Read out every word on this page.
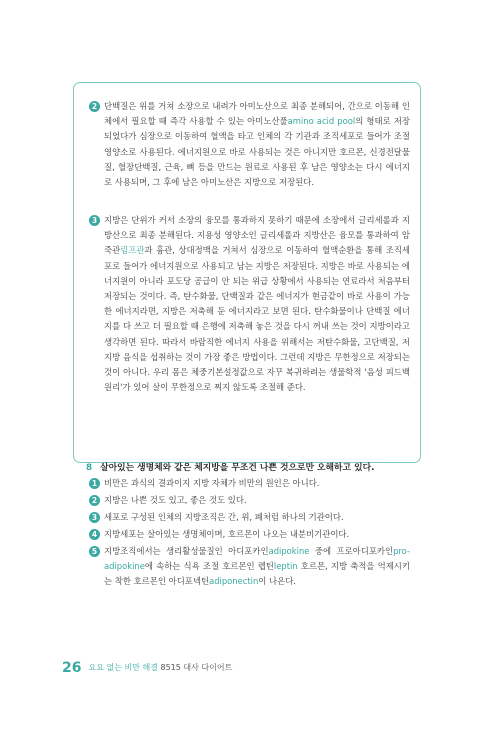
2 단백질은 위를 거쳐 소장으로 내려가 아미노산으로 최종 분해되어, 간으로 이동해 인체에서 필요할 때 즉각 사용할 수 있는 아미노산풀amino acid pool의 형태로 저장되었다가 심장으로 이동하여 혈액을 타고 인체의 각 기관과 조직세포로 들어가 조절 영양소로 사용된다. 에너지원으로 바로 사용되는 것은 아니지만 호르몬, 신경전달물질, 혈장단백질, 근육, 뼈 등을 만드는 원료로 사용된 후 남은 영양소는 다시 에너지로 사용되며, 그 후에 남은 아미노산은 지방으로 저장된다.

3 지방은 단위가 커서 소장의 융모를 통과하지 못하기 때문에 소장에서 글리세롤과 지방산으로 최종 분해된다. 지용성 영양소인 글리세롤과 지방산은 융모를 통과하여 암죽관림프관과 흉관, 상대정맥을 거쳐서 심장으로 이동하여 혈액순환을 통해 조직세포로 들어가 에너지원으로 사용되고 남는 지방은 저장된다. 지방은 바로 사용되는 에너지원이 아니라 포도당 공급이 안 되는 위급 상황에서 사용되는 연료라서 처음부터 저장되는 것이다. 즉, 탄수화물, 단백질과 같은 에너지가 현금같이 바로 사용이 가능한 에너지라면, 지방은 저축해 둔 에너지라고 보면 된다. 탄수화물이나 단백질 에너지를 다 쓰고 더 필요할 때 은행에 저축해 놓은 것을 다시 꺼내 쓰는 것이 지방이라고 생각하면 된다. 따라서 바람직한 에너지 사용을 위해서는 저탄수화물, 고단백질, 저지방 음식을 섭취하는 것이 가장 좋은 방법이다. 그런데 지방은 무한정으로 저장되는 것이 아니다. 우리 몸은 체중기본설정값으로 자꾸 복귀하려는 생물학적 '음성 피드백 원리'가 있어 살이 무한정으로 찌지 않도록 조절해 준다.

8 살아있는 생명체와 같은 체지방을 무조건 나쁜 것으로만 오해하고 있다.
1 비만은 과식의 결과이지 지방 자체가 비만의 원인은 아니다.

2 지방은 나쁜 것도 있고, 좋은 것도 있다.

3 세포로 구성된 인체의 지방조직은 간, 위, 폐처럼 하나의 기관이다.

4 지방세포는 살아있는 생명체이며, 호르몬이 나오는 내분비기관이다.

5 지방조직에서는 생리활성물질인 아디포카인adipokine 중에 프로아디포카인pro-adipokine에 속하는 식욕 조절 호르몬인 렙틴leptin 호르몬, 지방 축적을 억제시키는 착한 호르몬인 아디포넥틴adiponectin이 나온다.

26 요요 없는 비만 해결 8515 대사 다이어트
